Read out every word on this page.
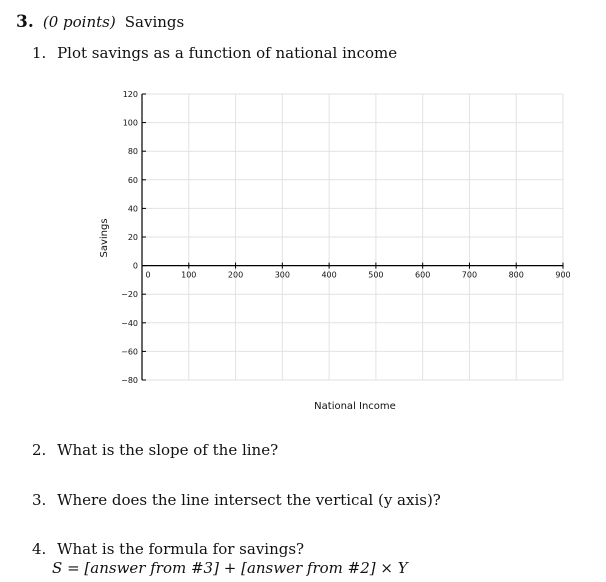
3. (0 points) Savings
1. Plot savings as a function of national income
0	100	200	300	400	500	600	700	800	900
120
100
80
60
40
20
0
−20
−40
−60
−80
National Income
Savings
2. What is the slope of the line?
3. Where does the line intersect the vertical (y axis)?
4. What is the formula for savings?
S = [answer from #3] + [answer from #2] × Y
